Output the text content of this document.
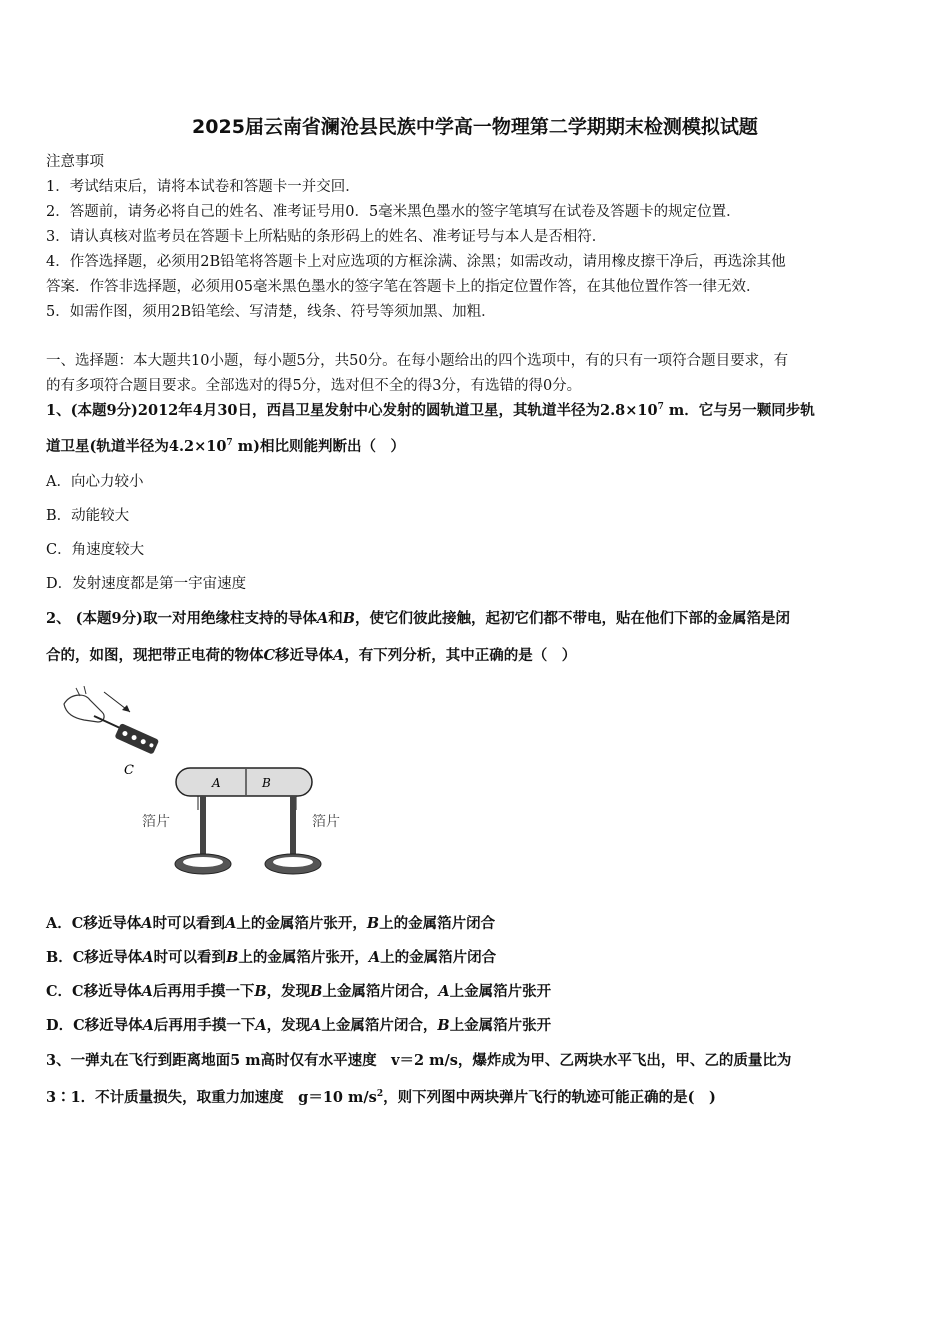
2025届云南省澜沧县民族中学高一物理第二学期期末检测模拟试题
注意事项
1．考试结束后，请将本试卷和答题卡一并交回．
2．答题前，请务必将自己的姓名、准考证号用0．5毫米黑色墨水的签字笔填写在试卷及答题卡的规定位置．
3．请认真核对监考员在答题卡上所粘贴的条形码上的姓名、准考证号与本人是否相符．
4．作答选择题，必须用2B铅笔将答题卡上对应选项的方框涂满、涂黑；如需改动，请用橡皮擦干净后，再选涂其他
答案．作答非选择题，必须用05毫米黑色墨水的签字笔在答题卡上的指定位置作答，在其他位置作答一律无效．
5．如需作图，须用2B铅笔绘、写清楚，线条、符号等须加黑、加粗．
一、选择题：本大题共10小题，每小题5分，共50分。在每小题给出的四个选项中，有的只有一项符合题目要求，有
的有多项符合题目要求。全部选对的得5分，选对但不全的得3分，有选错的得0分。
1、(本题9分)2012年4月30日，西昌卫星发射中心发射的圆轨道卫星，其轨道半径为$2.8\times 10^7$ m．它与另一颗同步轨
道卫星(轨道半径为$4.2\times 10^7$ m)相比则能判断出（　）
A．向心力较小
B．动能较大
C．角速度较大
D．发射速度都是第一宇宙速度
2、 (本题9分)取一对用绝缘柱支持的导体A和B，使它们彼此接触，起初它们都不带电，贴在他们下部的金属箔是闭
合的，如图，现把带正电荷的物体C移近导体A，有下列分析，其中正确的是（　）
C
A	B
箔片	箔片
A．C移近导体A时可以看到A上的金属箔片张开，B上的金属箔片闭合
B．C移近导体A时可以看到B上的金属箔片张开，A上的金属箔片闭合
C．C移近导体A后再用手摸一下B，发现B上金属箔片闭合，A上金属箔片张开
D．C移近导体A后再用手摸一下A，发现A上金属箔片闭合，B上金属箔片张开
3、一弹丸在飞行到距离地面5 m高时仅有水平速度　v＝2 m/s，爆炸成为甲、乙两块水平飞出，甲、乙的质量比为
3∶1．不计质量损失，取重力加速度　g＝10 $m/s^2$，则下列图中两块弹片飞行的轨迹可能正确的是(　)
